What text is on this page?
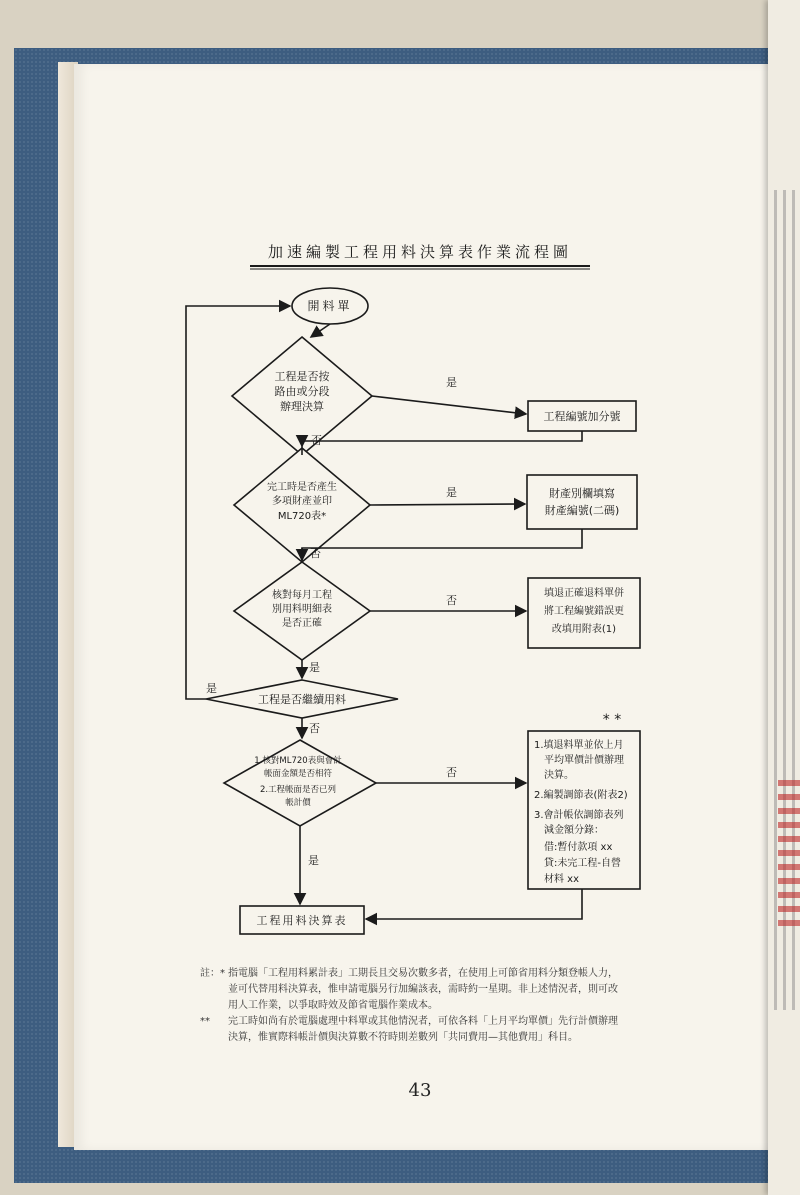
加速編製工程用料決算表作業流程圖
開料單
工程是否按
路由或分段
辦理決算
工程編號加分號
完工時是否產生
多項財產並印
ML720表*
財產別欄填寫
財產編號(二碼)
核對每月工程
別用料明細表
是否正確
填退正確退料單併
將工程編號錯誤更
改填用附表(1)
工程是否繼續用料
1.核對ML720表與會計
帳面金額是否相符
2.工程帳面是否已列
帳計價
工程用料決算表
* *
1.填退料單並依上月
平均單價計價辦理
決算。
2.編製調節表(附表2)
3.會計帳依調節表列
減金額分錄：
借:暫付款項 xx
貸:未完工程-自營
材料 xx
是
否
是
否
否
是
是
否
否
是
註：* 指電腦「工程用料累計表」工期長且交易次數多者，在使用上可節省用料分類登帳人力，並可代替用料決算表，惟申請電腦另行加編該表，需時約一星期。非上述情況者，則可改用人工作業，以爭取時效及節省電腦作業成本。
**	完工時如尚有於電腦處理中料單或其他情況者，可依各料「上月平均單價」先行計價辦理決算，惟實際料帳計價與決算數不符時則差數列「共同費用—其他費用」科目。
43
